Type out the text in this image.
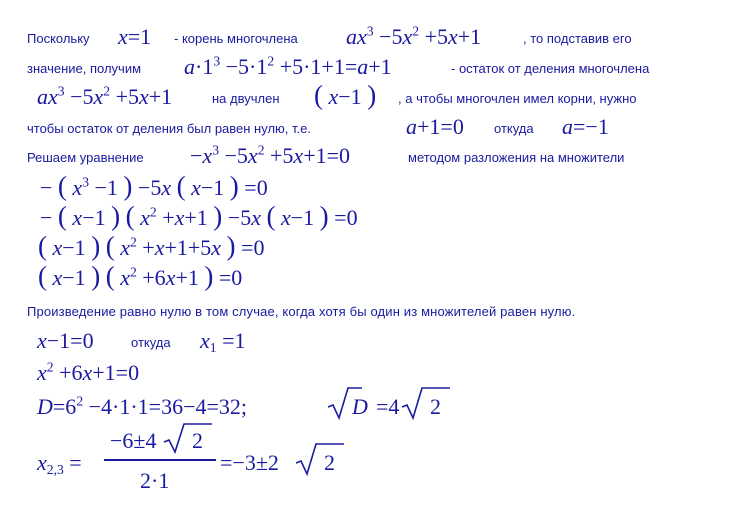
Поскольку x=1 - корень многочлена $ax^3 -5x^2 +5x+1$	, то подставив его
значение, получим $a\cdot 1^3 -5\cdot 1^2 +5\cdot 1+1=a+1$	- остаток от деления многочлена
$ax^3 -5x^2 +5x+1$	на двучлен ( x−1 ) , а чтобы многочлен имел корни, нужно
чтобы остаток от деления был равен нулю, т.е.	a+1=0 откуда a=−1
Решаем уравнение $-x^3 -5x^2 +5x+1=0$	методом разложения на множители
− ( $x^3 -1$ ) −5x ( x−1 ) =0
− ( x−1 ) ( $x^2 +x+1$ ) −5x ( x−1 ) =0
( x−1 ) ( $x^2 +x+1+5x$ ) =0
( x−1 ) ( $x^2 +6x+1$ ) =0
Произведение равно нулю в том случае, когда хотя бы один из множителей равен нулю.
x−1=0	откуда $x_1 =1$
$x^2 +6x+1=0$
$D=6^2 -4\cdot 1\cdot 1=36-4=32$;	D =4 2
$x_{2,3}$ =
−6±4 2
2·1
=−3±2 2
